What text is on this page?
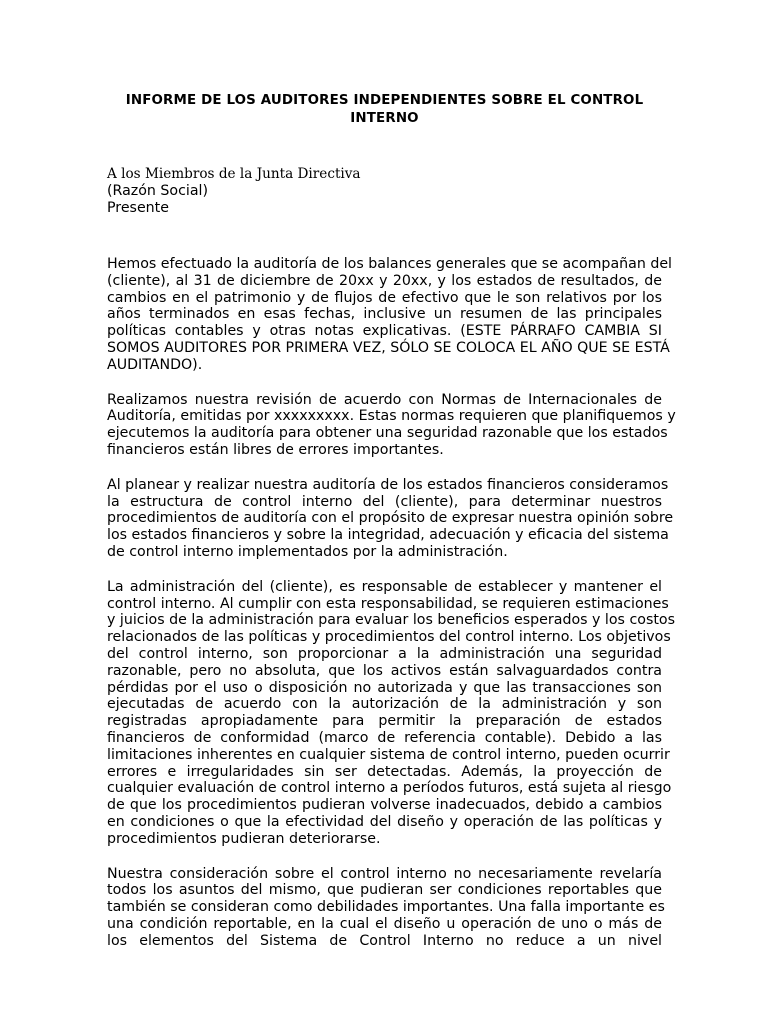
INFORME DE LOS AUDITORES INDEPENDIENTES SOBRE EL CONTROL
INTERNO
A los Miembros de la Junta Directiva
(Razón Social)
Presente
Hemos efectuado la auditoría de los balances generales que se acompañan del
(cliente), al 31 de diciembre de 20xx y 20xx, y los estados de resultados, de
cambios en el patrimonio y de flujos de efectivo que le son relativos por los
años terminados en esas fechas, inclusive un resumen de las principales
políticas contables y otras notas explicativas. (ESTE PÁRRAFO CAMBIA SI
SOMOS AUDITORES POR PRIMERA VEZ, SÓLO SE COLOCA EL AÑO QUE SE ESTÁ
AUDITANDO).
Realizamos nuestra revisión de acuerdo con Normas de Internacionales de
Auditoría, emitidas por xxxxxxxxx. Estas normas requieren que planifiquemos y
ejecutemos la auditoría para obtener una seguridad razonable que los estados
financieros están libres de errores importantes.
Al planear y realizar nuestra auditoría de los estados financieros consideramos
la estructura de control interno del (cliente), para determinar nuestros
procedimientos de auditoría con el propósito de expresar nuestra opinión sobre
los estados financieros y sobre la integridad, adecuación y eficacia del sistema
de control interno implementados por la administración.
La administración del (cliente), es responsable de establecer y mantener el
control interno. Al cumplir con esta responsabilidad, se requieren estimaciones
y juicios de la administración para evaluar los beneficios esperados y los costos
relacionados de las políticas y procedimientos del control interno. Los objetivos
del control interno, son proporcionar a la administración una seguridad
razonable, pero no absoluta, que los activos están salvaguardados contra
pérdidas por el uso o disposición no autorizada y que las transacciones son
ejecutadas de acuerdo con la autorización de la administración y son
registradas apropiadamente para permitir la preparación de estados
financieros de conformidad (marco de referencia contable). Debido a las
limitaciones inherentes en cualquier sistema de control interno, pueden ocurrir
errores e irregularidades sin ser detectadas. Además, la proyección de
cualquier evaluación de control interno a períodos futuros, está sujeta al riesgo
de que los procedimientos pudieran volverse inadecuados, debido a cambios
en condiciones o que la efectividad del diseño y operación de las políticas y
procedimientos pudieran deteriorarse.
Nuestra consideración sobre el control interno no necesariamente revelaría
todos los asuntos del mismo, que pudieran ser condiciones reportables que
también se consideran como debilidades importantes. Una falla importante es
una condición reportable, en la cual el diseño u operación de uno o más de
los elementos del Sistema de Control Interno no reduce a un nivel
